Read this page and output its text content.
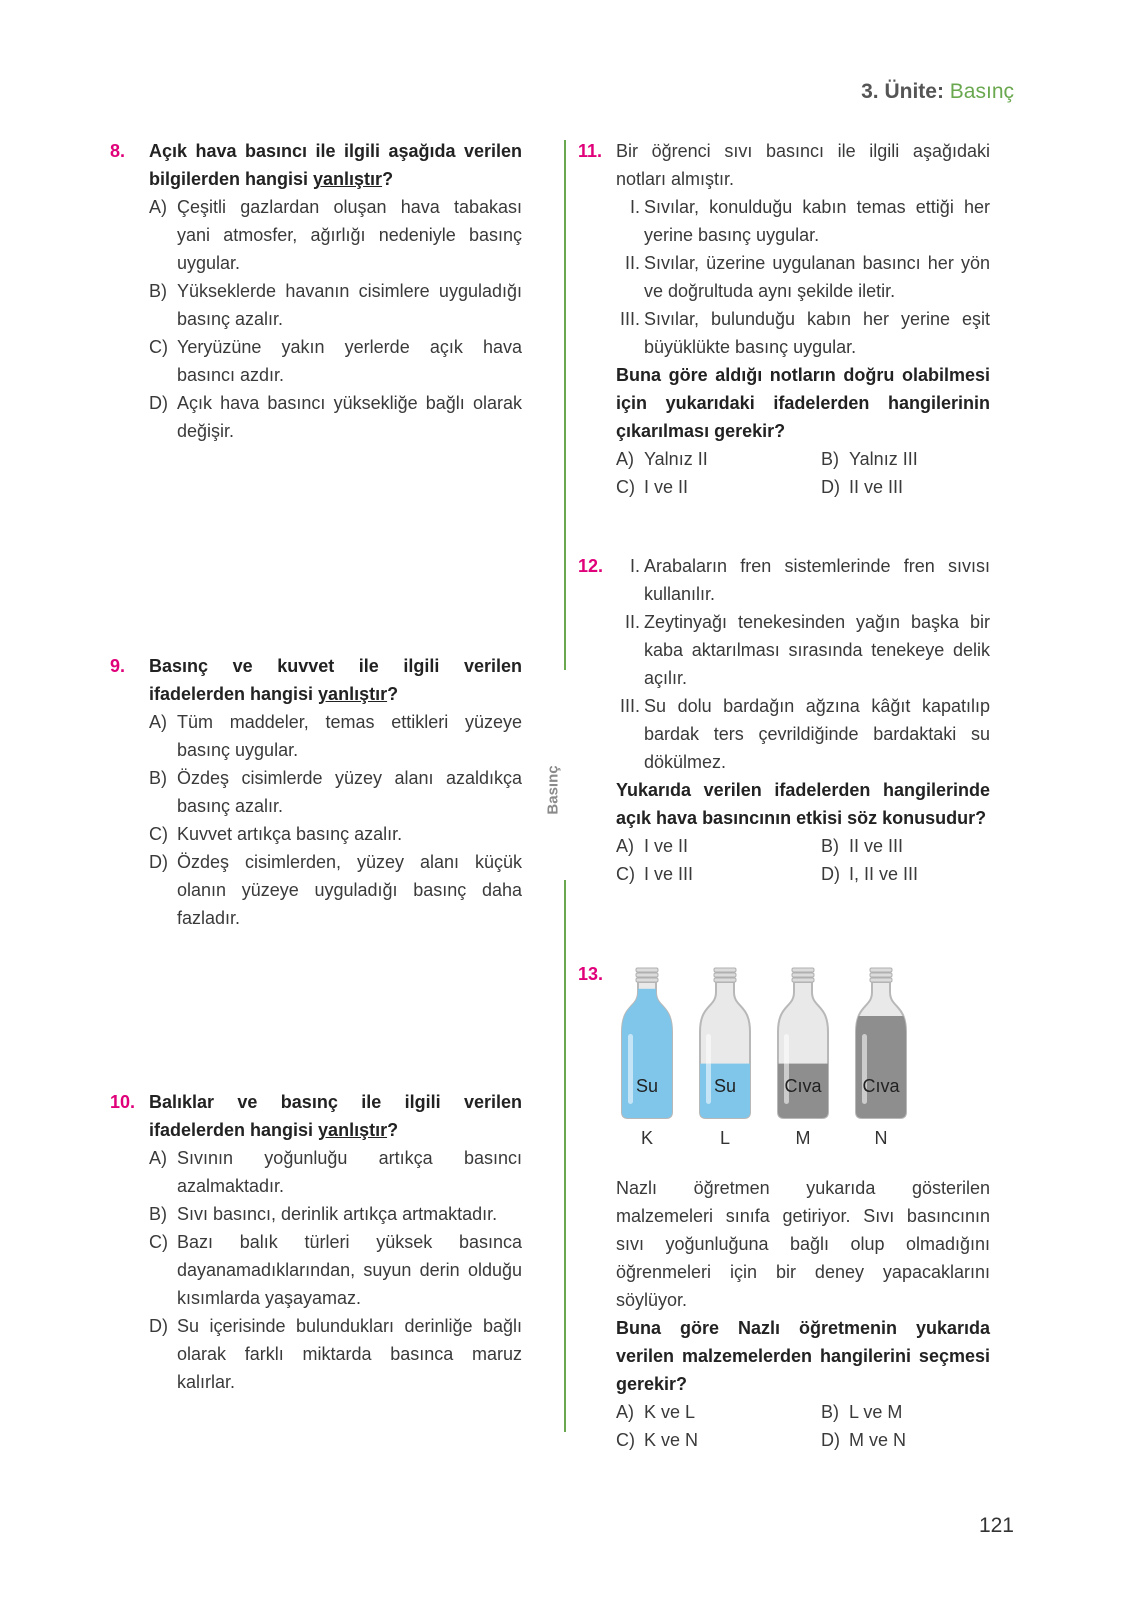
3. Ünite: Basınç
Basınç
8. Açık hava basıncı ile ilgili aşağıda verilen bilgilerden hangisi yanlıştır?
A) Çeşitli gazlardan oluşan hava tabakası yani atmosfer, ağırlığı nedeniyle basınç uygular.
B) Yükseklerde havanın cisimlere uyguladığı basınç azalır.
C) Yeryüzüne yakın yerlerde açık hava basıncı azdır.
D) Açık hava basıncı yüksekliğe bağlı olarak değişir.
9. Basınç ve kuvvet ile ilgili verilen ifadelerden hangisi yanlıştır?
A) Tüm maddeler, temas ettikleri yüzeye basınç uygular.
B) Özdeş cisimlerde yüzey alanı azaldıkça basınç azalır.
C) Kuvvet artıkça basınç azalır.
D) Özdeş cisimlerden, yüzey alanı küçük olanın yüzeye uyguladığı basınç daha fazladır.
10. Balıklar ve basınç ile ilgili verilen ifadelerden hangisi yanlıştır?
A) Sıvının yoğunluğu artıkça basıncı azalmaktadır.
B) Sıvı basıncı, derinlik artıkça artmaktadır.
C) Bazı balık türleri yüksek basınca dayanamadıklarından, suyun derin olduğu kısımlarda yaşayamaz.
D) Su içerisinde bulundukları derinliğe bağlı olarak farklı miktarda basınca maruz kalırlar.
11. Bir öğrenci sıvı basıncı ile ilgili aşağıdaki notları almıştır.
I. Sıvılar, konulduğu kabın temas ettiği her yerine basınç uygular.
II. Sıvılar, üzerine uygulanan basıncı her yön ve doğrultuda aynı şekilde iletir.
III. Sıvılar, bulunduğu kabın her yerine eşit büyüklükte basınç uygular.
Buna göre aldığı notların doğru olabilmesi için yukarıdaki ifadelerden hangilerinin çıkarılması gerekir?
A) Yalnız II	B) Yalnız III
C) I ve II	D) II ve III
12.	I. Arabaların fren sistemlerinde fren sıvısı kullanılır.
II. Zeytinyağı tenekesinden yağın başka bir kaba aktarılması sırasında tenekeye delik açılır.
III. Su dolu bardağın ağzına kâğıt kapatılıp bardak ters çevrildiğinde bardaktaki su dökülmez.
Yukarıda verilen ifadelerden hangilerinde açık hava basıncının etkisi söz konusudur?
A) I ve II	B) II ve III
C) I ve III	D) I, II ve III
13.
Su
K
Su
L
Cıva
M
Cıva
N
Nazlı öğretmen yukarıda gösterilen malzemeleri sınıfa getiriyor. Sıvı basıncının sıvı yoğunluğuna bağlı olup olmadığını öğrenmeleri için bir deney yapacaklarını söylüyor.
Buna göre Nazlı öğretmenin yukarıda verilen malzemelerden hangilerini seçmesi gerekir?
A) K ve L	B) L ve M
C) K ve N	D) M ve N
121
